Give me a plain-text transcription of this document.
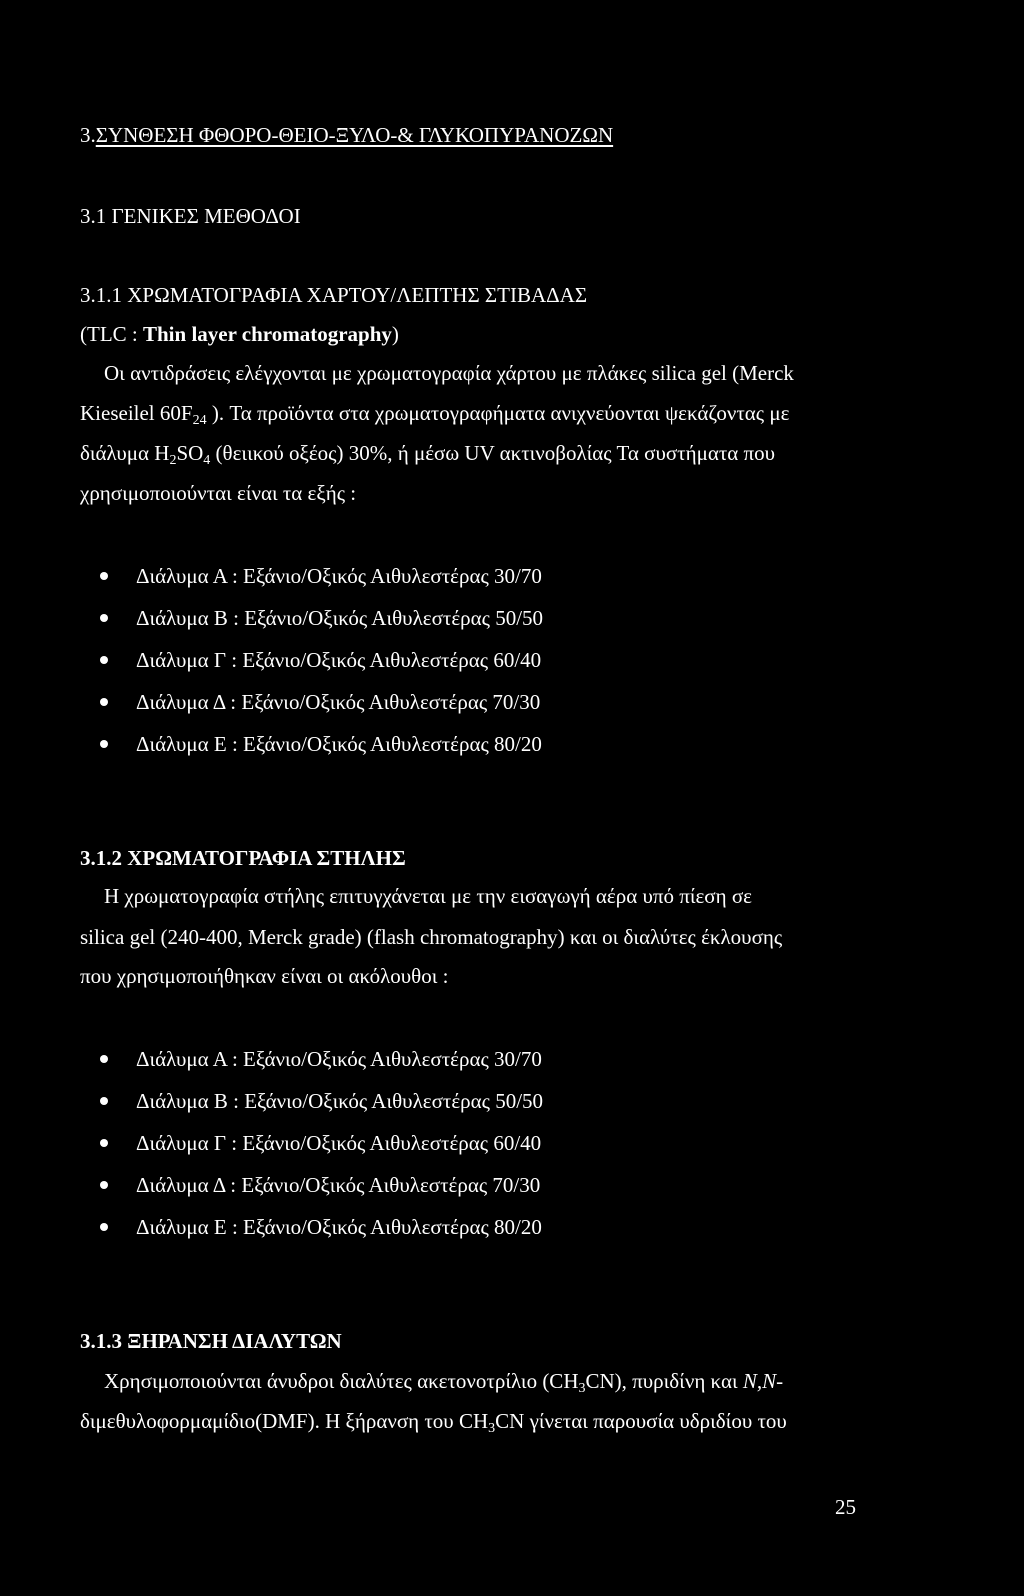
3.ΣΥΝΘΕΣΗ ΦΘΟΡΟ-ΘΕΙΟ-ΞΥΛΟ-& ΓΛΥΚΟΠΥΡΑΝΟΖΩΝ
3.1 ΓΕΝΙΚΕΣ ΜΕΘΟΔΟΙ
3.1.1 ΧΡΩΜΑΤΟΓΡΑΦΙΑ ΧΑΡΤΟΥ/ΛΕΠΤΗΣ ΣΤΙΒΑΔΑΣ
(TLC : Thin layer chromatography)
Οι αντιδράσεις ελέγχονται με χρωματογραφία χάρτου με πλάκες silica gel (Merck
Kieseilel $60F_{24}$ ). Τα προϊόντα στα χρωματογραφήματα ανιχνεύονται ψεκάζοντας με
διάλυμα $H_2SO_4$ (θειικού οξέος) 30%, ή μέσω UV ακτινοβολίας Τα συστήματα που
χρησιμοποιούνται είναι τα εξής :
Διάλυμα Α : Εξάνιο/Οξικός Αιθυλεστέρας 30/70
Διάλυμα Β : Εξάνιο/Οξικός Αιθυλεστέρας 50/50
Διάλυμα Γ : Εξάνιο/Οξικός Αιθυλεστέρας 60/40
Διάλυμα Δ : Εξάνιο/Οξικός Αιθυλεστέρας 70/30
Διάλυμα Ε : Εξάνιο/Οξικός Αιθυλεστέρας 80/20
3.1.2 ΧΡΩΜΑΤΟΓΡΑΦΙΑ ΣΤΗΛΗΣ
Η χρωματογραφία στήλης επιτυγχάνεται με την εισαγωγή αέρα υπό πίεση σε
silica gel (240-400, Merck grade) (flash chromatography) και οι διαλύτες έκλουσης
που χρησιμοποιήθηκαν είναι οι ακόλουθοι :
Διάλυμα Α : Εξάνιο/Οξικός Αιθυλεστέρας 30/70
Διάλυμα Β : Εξάνιο/Οξικός Αιθυλεστέρας 50/50
Διάλυμα Γ : Εξάνιο/Οξικός Αιθυλεστέρας 60/40
Διάλυμα Δ : Εξάνιο/Οξικός Αιθυλεστέρας 70/30
Διάλυμα Ε : Εξάνιο/Οξικός Αιθυλεστέρας 80/20
3.1.3 ΞΗΡΑΝΣΗ ΔΙΑΛΥΤΩΝ
Χρησιμοποιούνται άνυδροι διαλύτες ακετονοτρίλιο $(CH_3CN)$, πυριδίνη και N,N-
διμεθυλοφορμαμίδιο(DMF). Η ξήρανση του $CH_3CN$ γίνεται παρουσία υδριδίου του
25
